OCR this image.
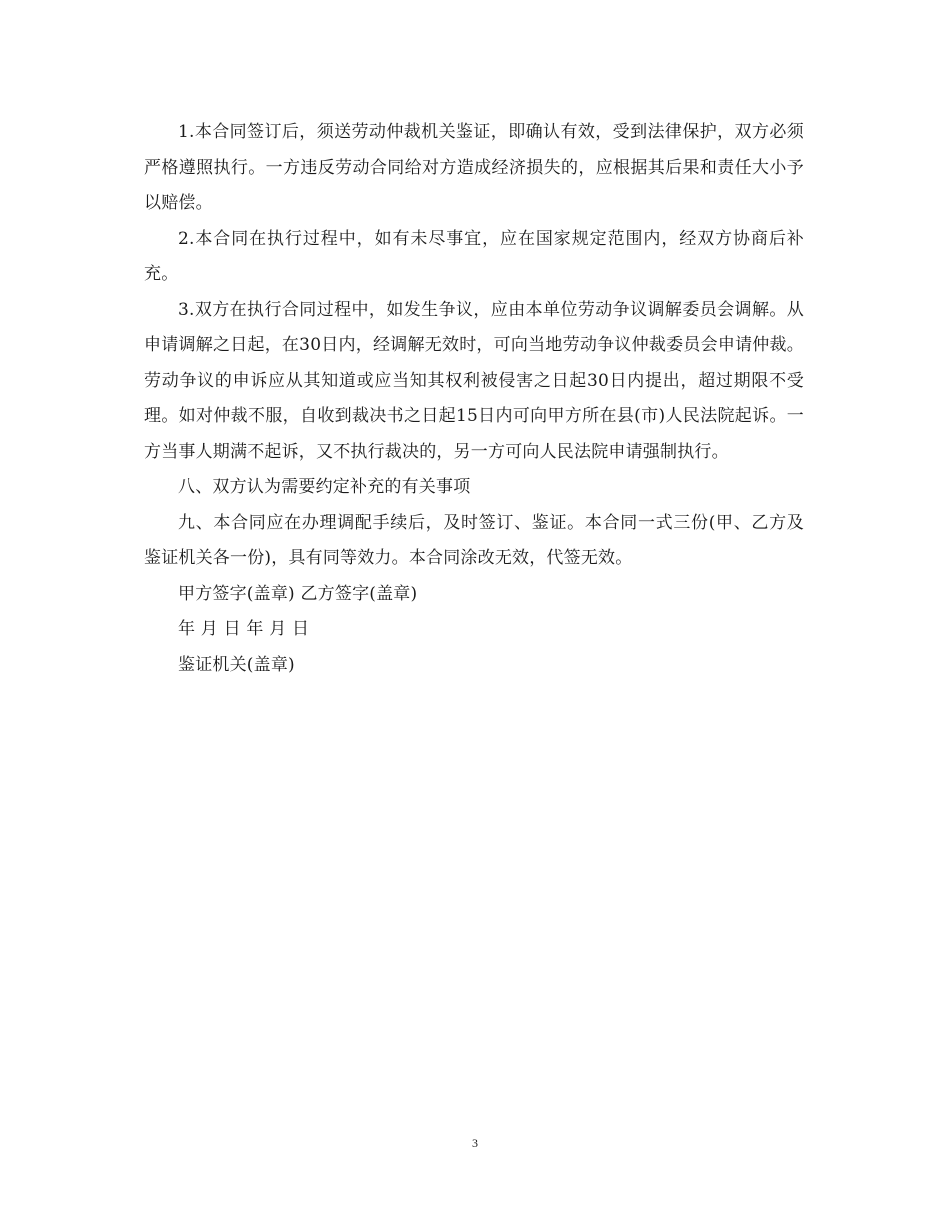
1.本合同签订后，须送劳动仲裁机关鉴证，即确认有效，受到法律保护，双方必须严格遵照执行。一方违反劳动合同给对方造成经济损失的，应根据其后果和责任大小予以赔偿。

2.本合同在执行过程中，如有未尽事宜，应在国家规定范围内，经双方协商后补充。

3.双方在执行合同过程中，如发生争议，应由本单位劳动争议调解委员会调解。从申请调解之日起，在30日内，经调解无效时，可向当地劳动争议仲裁委员会申请仲裁。劳动争议的申诉应从其知道或应当知其权利被侵害之日起30日内提出，超过期限不受理。如对仲裁不服，自收到裁决书之日起15日内可向甲方所在县(市)人民法院起诉。一方当事人期满不起诉，又不执行裁决的，另一方可向人民法院申请强制执行。

八、双方认为需要约定补充的有关事项

九、本合同应在办理调配手续后，及时签订、鉴证。本合同一式三份(甲、乙方及鉴证机关各一份)，具有同等效力。本合同涂改无效，代签无效。

甲方签字(盖章) 乙方签字(盖章)

年 月 日 年 月 日

鉴证机关(盖章)

3
